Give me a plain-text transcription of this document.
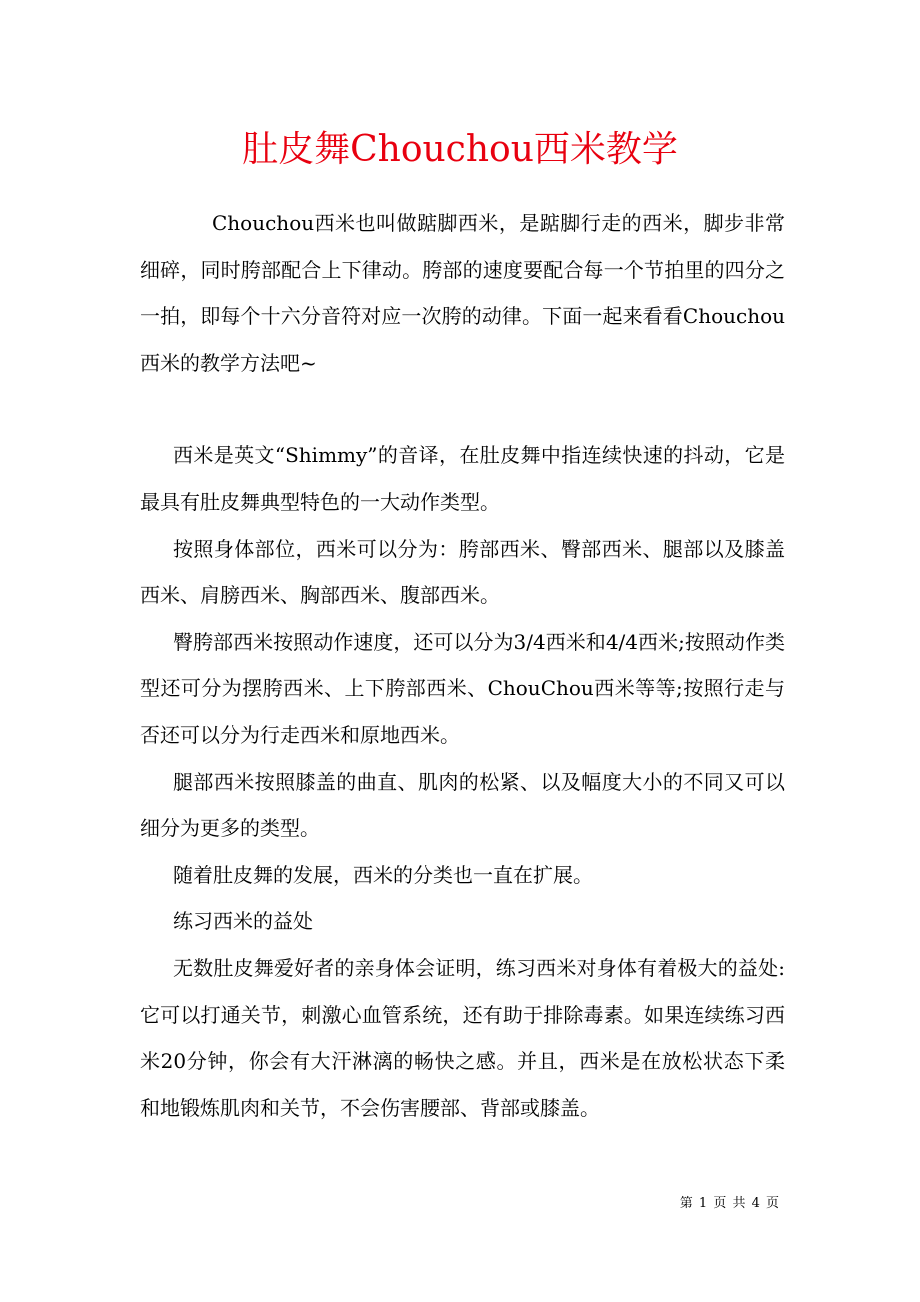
肚皮舞Chouchou西米教学

Chouchou西米也叫做踮脚西米，是踮脚行走的西米，脚步非常细碎，同时胯部配合上下律动。胯部的速度要配合每一个节拍里的四分之一拍，即每个十六分音符对应一次胯的动律。下面一起来看看Chouchou西米的教学方法吧~

西米是英文“Shimmy”的音译，在肚皮舞中指连续快速的抖动，它是最具有肚皮舞典型特色的一大动作类型。

按照身体部位，西米可以分为：胯部西米、臀部西米、腿部以及膝盖西米、肩膀西米、胸部西米、腹部西米。

臀胯部西米按照动作速度，还可以分为3/4西米和4/4西米;按照动作类型还可分为摆胯西米、上下胯部西米、ChouChou西米等等;按照行走与否还可以分为行走西米和原地西米。

腿部西米按照膝盖的曲直、肌肉的松紧、以及幅度大小的不同又可以细分为更多的类型。

随着肚皮舞的发展，西米的分类也一直在扩展。

练习西米的益处

无数肚皮舞爱好者的亲身体会证明，练习西米对身体有着极大的益处:它可以打通关节，刺激心血管系统，还有助于排除毒素。如果连续练习西米20分钟，你会有大汗淋漓的畅快之感。并且，西米是在放松状态下柔和地锻炼肌肉和关节，不会伤害腰部、背部或膝盖。

第 1 页 共 4 页
